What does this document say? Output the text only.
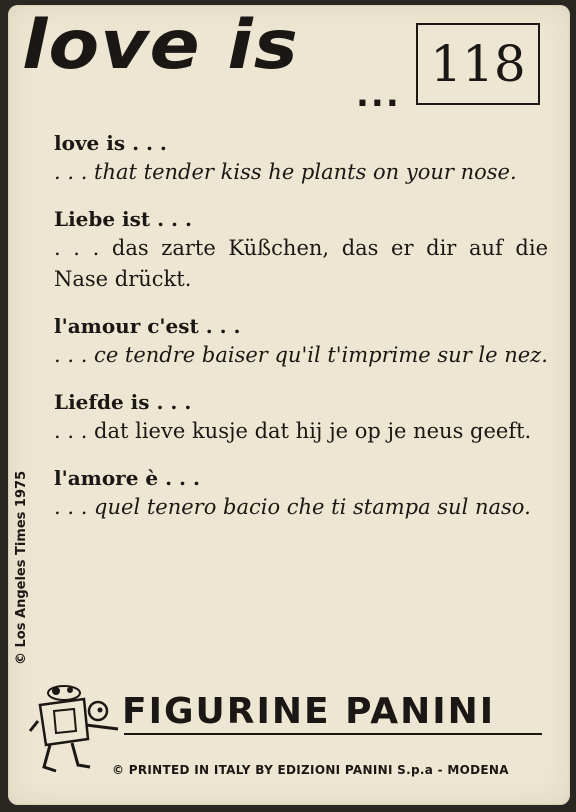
love is
...
118
love is . . .
. . . that tender kiss he plants on your nose.
Liebe ist . . .
. . . das zarte Küßchen, das er dir auf die Nase drückt.
l'amour c'est . . .
. . . ce tendre baiser qu'il t'imprime sur le nez.
Liefde is . . .
. . . dat lieve kusje dat hij je op je neus geeft.
l'amore è . . .
. . . quel tenero bacio che ti stampa sul naso.
© Los Angeles Times 1975
FIGURINE PANINI
© PRINTED IN ITALY BY EDIZIONI PANINI S.p.a - MODENA
